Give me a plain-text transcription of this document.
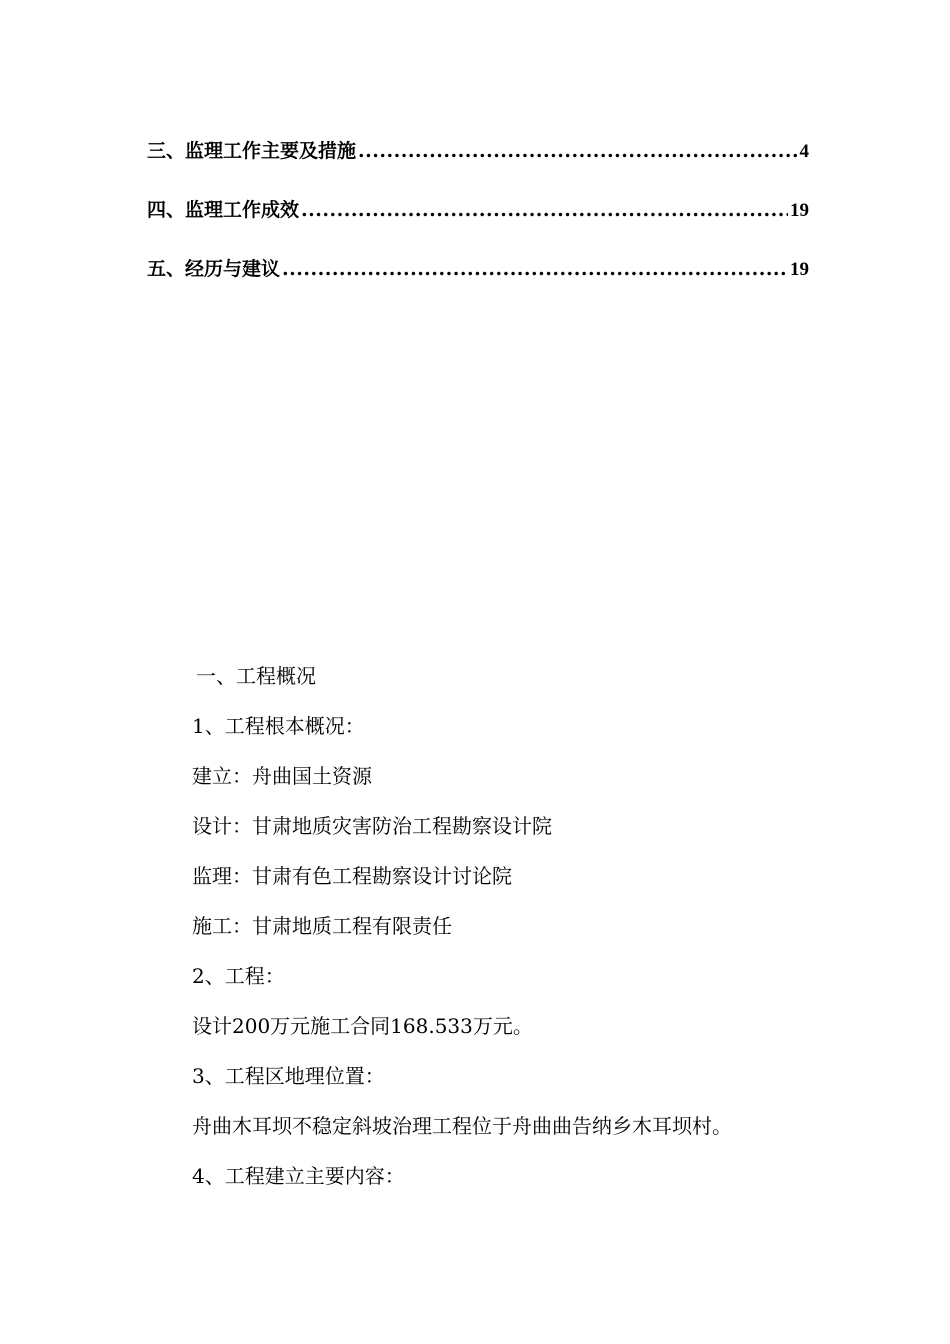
三、监理工作主要及措施 .....	4
四、监理工作成效 .....	19
五、经历与建议 .....	19
一、工程概况
1、工程根本概况：
建立：舟曲国土资源
设计：甘肃地质灾害防治工程勘察设计院
监理：甘肃有色工程勘察设计讨论院
施工：甘肃地质工程有限责任
2、工程：
设计200万元施工合同168.533万元。
3、工程区地理位置：
舟曲木耳坝不稳定斜坡治理工程位于舟曲曲告纳乡木耳坝村。
4、工程建立主要内容：
